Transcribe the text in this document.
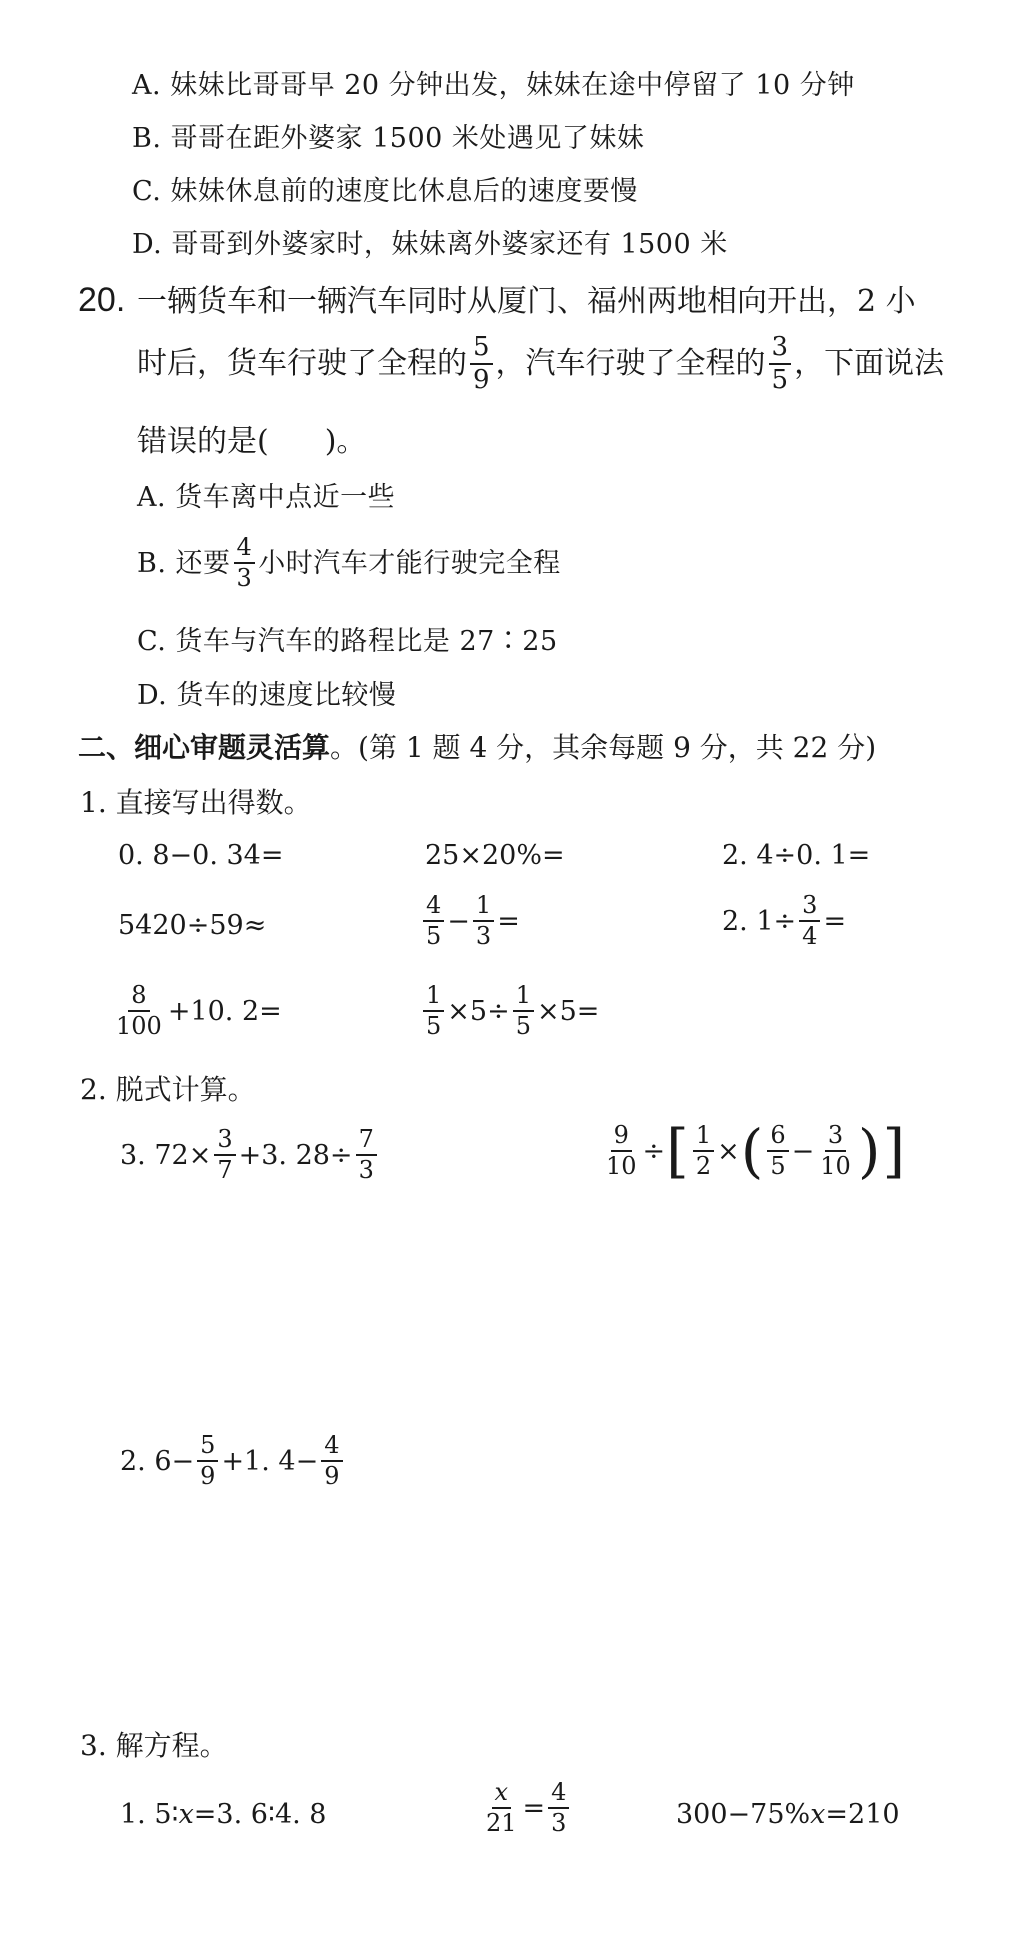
A. 妹妹比哥哥早 20 分钟出发，妹妹在途中停留了 10 分钟
B. 哥哥在距外婆家 1500 米处遇见了妹妹
C. 妹妹休息前的速度比休息后的速度要慢
D. 哥哥到外婆家时，妹妹离外婆家还有 1500 米
20. 一辆货车和一辆汽车同时从厦门、福州两地相向开出，2 小
时后，货车行驶了全程的 $\frac{5}{9}$ ，汽车行驶了全程的 $\frac{3}{5}$ ，下面说法
错误的是( )。
A. 货车离中点近一些
B. 还要 $\frac{4}{3}$ 小时汽车才能行驶完全程
C. 货车与汽车的路程比是 27∶25
D. 货车的速度比较慢
二、细心审题灵活算。(第 1 题 4 分，其余每题 9 分，共 22 分)
1. 直接写出得数。
0. 8−0. 34=	25×20%=	2. 4÷0. 1=
5420÷59≈	$\frac{4}{5} - \frac{1}{3}$ =	2. $1\div \frac{3}{4}$ =
$\frac{8}{100} +10$. 2=	$\frac{1}{5} \times 5\div \frac{1}{5} \times 5=$
2. 脱式计算。
3. $72\times \frac{3}{7} +3$. $28\div \frac{7}{3}$	$\frac{9}{10}$ ÷ [ $\frac{1}{2}$ × ( $\frac{6}{5} - \frac{3}{10}$ ) ]
2. $6- \frac{5}{9} +1$. $4- \frac{4}{9}$
3. 解方程。
1. 5∶ x =3. 6∶4. 8	$\frac{x}{21} = \frac{4}{3}$	300−75% x =210
